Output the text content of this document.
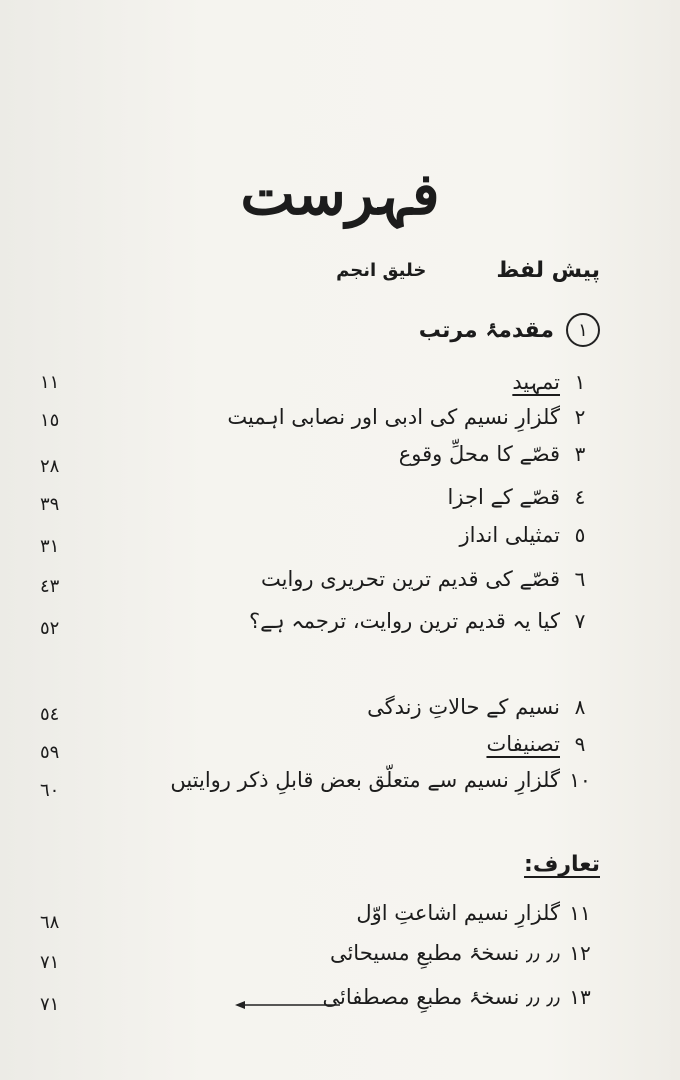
فہرست
پیش لفظ
خلیق انجم
١
مقدمۂ مرتب
١
تمہید
١١
٢
گلزارِ نسیم کی ادبی اور نصابی اہمیت
١٥
٣
قصّے کا محلِّ وقوع
٢٨
٤
قصّے کے اجزا
٣٩
٥
تمثیلی انداز
٣١
٦
قصّے کی قدیم ترین تحریری روایت
٤٣
٧
کیا یہ قدیم ترین روایت، ترجمہ ہے؟
٥٢
٨
نسیم کے حالاتِ زندگی
٥٤
٩
تصنیفات
٥٩
١٠
گلزارِ نسیم سے متعلّق بعض قابلِ ذکر روایتیں
٦٠
تعارف:
١١
گلزارِ نسیم اشاعتِ اوّل
٦٨
١٢
٫٫ ٫٫ نسخۂ مطبعِ مسیحائی
٧١
١٣
٫٫ ٫٫ نسخۂ مطبعِ مصطفائی
٧١
